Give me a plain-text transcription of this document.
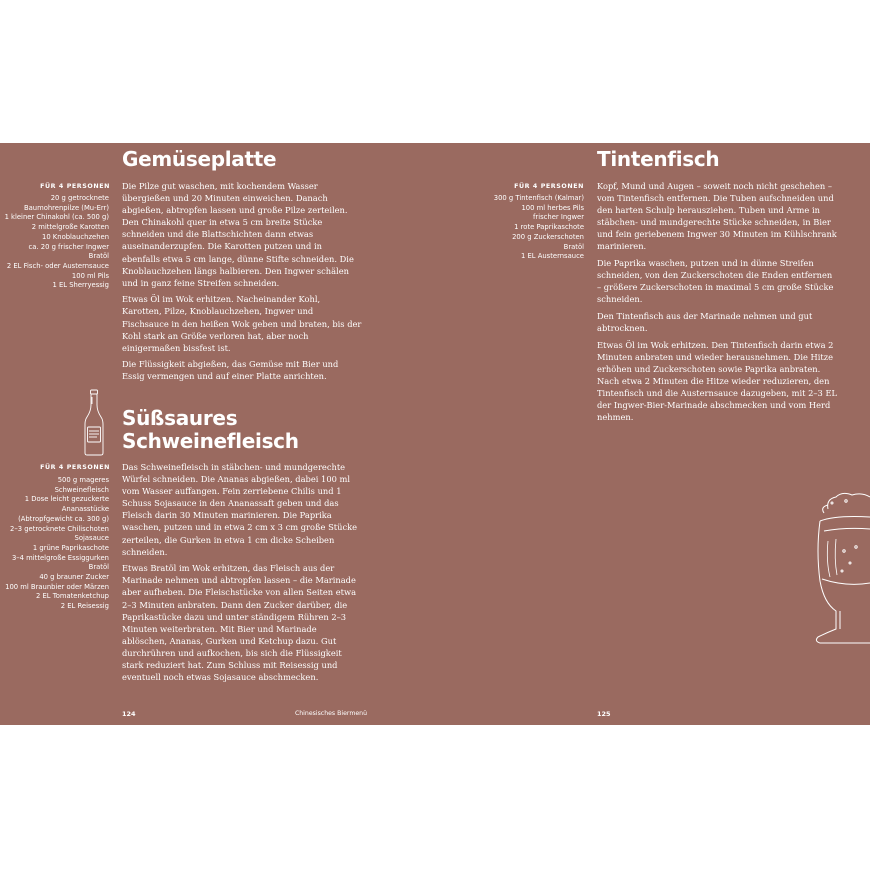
Gemüseplatte
FÜR 4 PERSONEN
20 g getrocknete
Baumohrenpilze (Mu-Err)
1 kleiner Chinakohl (ca. 500 g)
2 mittelgroße Karotten
10 Knoblauchzehen
ca. 20 g frischer Ingwer
Bratöl
2 EL Fisch- oder Austernsauce
100 ml Pils
1 EL Sherryessig

Die Pilze gut waschen, mit kochendem Wasser übergießen und 20 Minuten einweichen. Danach abgießen, abtropfen lassen und große Pilze zerteilen. Den Chinakohl quer in etwa 5 cm breite Stücke schneiden und die Blattschichten dann etwas auseinanderzupfen. Die Karotten putzen und in ebenfalls etwa 5 cm lange, dünne Stifte schneiden. Die Knoblauchzehen längs halbieren. Den Ingwer schälen und in ganz feine Streifen schneiden.

Etwas Öl im Wok erhitzen. Nacheinander Kohl, Karotten, Pilze, Knoblauchzehen, Ingwer und Fischsauce in den heißen Wok geben und braten, bis der Kohl stark an Größe verloren hat, aber noch einigermaßen bissfest ist.

Die Flüssigkeit abgießen, das Gemüse mit Bier und Essig vermengen und auf einer Platte anrichten.

Süßsaures
Schweinefleisch
FÜR 4 PERSONEN
500 g mageres
Schweinefleisch
1 Dose leicht gezuckerte
Ananasstücke
(Abtropfgewicht ca. 300 g)
2–3 getrocknete Chilischoten
Sojasauce
1 grüne Paprikaschote
3–4 mittelgroße Essiggurken
Bratöl
40 g brauner Zucker
100 ml Braunbier oder Märzen
2 EL Tomatenketchup
2 EL Reisessig

Das Schweinefleisch in stäbchen- und mundgerechte Würfel schneiden. Die Ananas abgießen, dabei 100 ml vom Wasser auffangen. Fein zerriebene Chilis und 1 Schuss Sojasauce in den Ananassaft geben und das Fleisch darin 30 Minuten marinieren. Die Paprika waschen, putzen und in etwa 2 cm x 3 cm große Stücke zerteilen, die Gurken in etwa 1 cm dicke Scheiben schneiden.

Etwas Bratöl im Wok erhitzen, das Fleisch aus der Marinade nehmen und abtropfen lassen – die Marinade aber aufheben. Die Fleischstücke von allen Seiten etwa 2–3 Minuten anbraten. Dann den Zucker darüber, die Paprikastücke dazu und unter ständigem Rühren 2–3 Minuten weiterbraten. Mit Bier und Marinade ablöschen, Ananas, Gurken und Ketchup dazu. Gut durchrühren und aufkochen, bis sich die Flüssigkeit stark reduziert hat. Zum Schluss mit Reisessig und eventuell noch etwas Sojasauce abschmecken.

124	Chinesisches Biermenü
Tintenfisch
FÜR 4 PERSONEN
300 g Tintenfisch (Kalmar)
100 ml herbes Pils
frischer Ingwer
1 rote Paprikaschote
200 g Zuckerschoten
Bratöl
1 EL Austernsauce

Kopf, Mund und Augen – soweit noch nicht geschehen – vom Tintenfisch entfernen. Die Tuben aufschneiden und den harten Schulp herausziehen. Tuben und Arme in stäbchen- und mundgerechte Stücke schneiden, in Bier und fein geriebenem Ingwer 30 Minuten im Kühlschrank marinieren.

Die Paprika waschen, putzen und in dünne Streifen schneiden, von den Zuckerschoten die Enden entfernen – größere Zuckerschoten in maximal 5 cm große Stücke schneiden.

Den Tintenfisch aus der Marinade nehmen und gut abtrocknen.

Etwas Öl im Wok erhitzen. Den Tintenfisch darin etwa 2 Minuten anbraten und wieder herausnehmen. Die Hitze erhöhen und Zuckerschoten sowie Paprika anbraten. Nach etwa 2 Minuten die Hitze wieder reduzieren, den Tintenfisch und die Austernsauce dazugeben, mit 2–3 EL der Ingwer-Bier-Marinade abschmecken und vom Herd nehmen.

125
